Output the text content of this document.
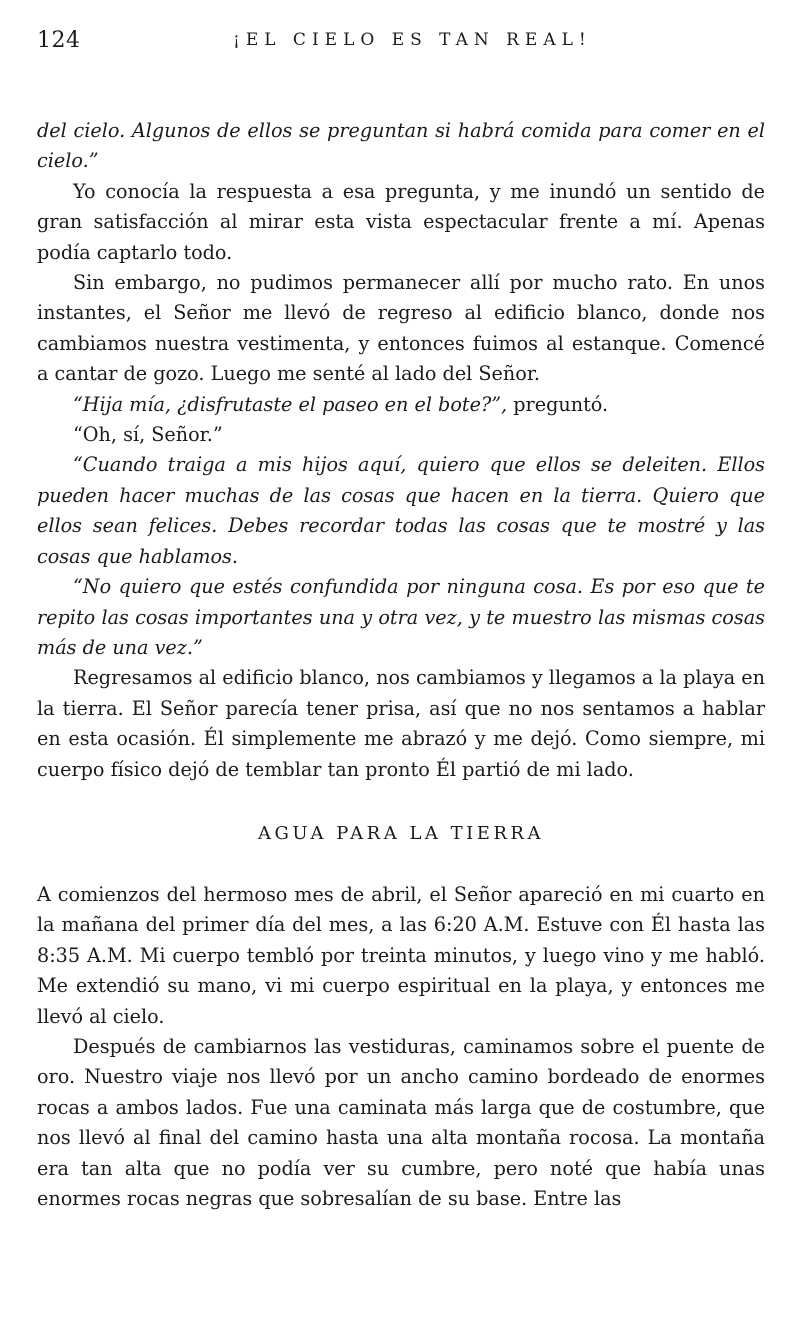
124	¡EL CIELO ES TAN REAL!

del cielo. Algunos de ellos se preguntan si habrá comida para comer en el cielo.”

Yo conocía la respuesta a esa pregunta, y me inundó un sentido de gran satisfacción al mirar esta vista espectacular frente a mí. Apenas podía captarlo todo.

Sin embargo, no pudimos permanecer allí por mucho rato. En unos instantes, el Señor me llevó de regreso al edificio blanco, donde nos cambiamos nuestra vestimenta, y entonces fuimos al estanque. Comencé a cantar de gozo. Luego me senté al lado del Señor.

“Hija mía, ¿disfrutaste el paseo en el bote?”, preguntó.

“Oh, sí, Señor.”

“Cuando traiga a mis hijos aquí, quiero que ellos se deleiten. Ellos pueden hacer muchas de las cosas que hacen en la tierra. Quiero que ellos sean felices. Debes recordar todas las cosas que te mostré y las cosas que hablamos.

“No quiero que estés confundida por ninguna cosa. Es por eso que te repito las cosas importantes una y otra vez, y te muestro las mismas cosas más de una vez.”

Regresamos al edificio blanco, nos cambiamos y llegamos a la playa en la tierra. El Señor parecía tener prisa, así que no nos sentamos a hablar en esta ocasión. Él simplemente me abrazó y me dejó. Como siempre, mi cuerpo físico dejó de temblar tan pronto Él partió de mi lado.

AGUA PARA LA TIERRA

A comienzos del hermoso mes de abril, el Señor apareció en mi cuarto en la mañana del primer día del mes, a las 6:20 A.M. Estuve con Él hasta las 8:35 A.M. Mi cuerpo tembló por treinta minutos, y luego vino y me habló. Me extendió su mano, vi mi cuerpo espiritual en la playa, y entonces me llevó al cielo.

Después de cambiarnos las vestiduras, caminamos sobre el puente de oro. Nuestro viaje nos llevó por un ancho camino bordeado de enormes rocas a ambos lados. Fue una caminata más larga que de costumbre, que nos llevó al final del camino hasta una alta montaña rocosa. La montaña era tan alta que no podía ver su cumbre, pero noté que había unas enormes rocas negras que sobresalían de su base. Entre las
